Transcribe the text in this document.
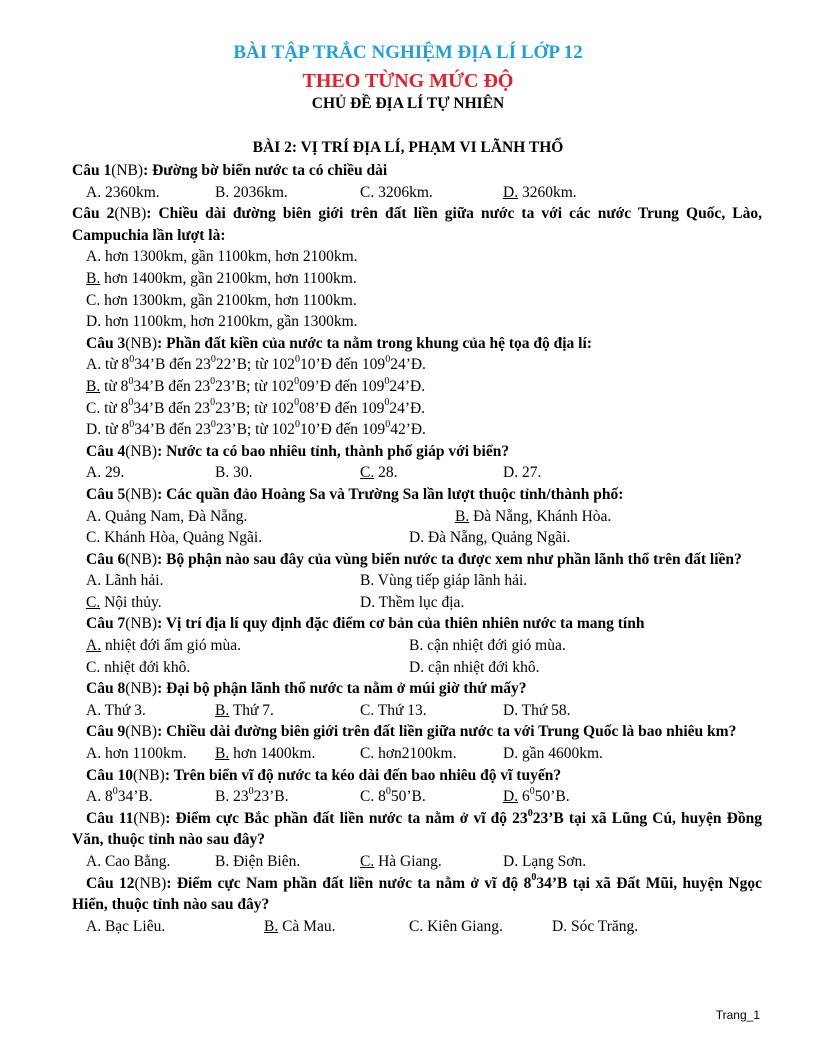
BÀI TẬP TRẮC NGHIỆM ĐỊA LÍ LỚP 12
THEO TỪNG MỨC ĐỘ
CHỦ ĐỀ ĐỊA LÍ TỰ NHIÊN
BÀI 2: VỊ TRÍ ĐỊA LÍ, PHẠM VI LÃNH THỔ
Câu 1(NB): Đường bờ biển nước ta có chiều dài
A. 2360km.	B. 2036km.	C. 3206km.	D. 3260km.
Câu 2(NB): Chiều dài đường biên giới trên đất liền giữa nước ta với các nước Trung Quốc, Lào, Campuchia lần lượt là:
A. hơn 1300km, gần 1100km, hơn 2100km.
B. hơn 1400km, gần 2100km, hơn 1100km.
C. hơn 1300km, gần 2100km, hơn 1100km.
D. hơn 1100km, hơn 2100km, gần 1300km.
Câu 3(NB): Phần đất kiền của nước ta nằm trong khung của hệ tọa độ địa lí:
A. từ $8^034’B$ đến $23^022’B$; từ $102^010’Đ$ đến $109^024’Đ$.
B. từ $8^034’B$ đến $23^023’B$; từ $102^009’Đ$ đến $109^024’Đ$.
C. từ $8^034’B$ đến $23^023’B$; từ $102^008’Đ$ đến $109^024’Đ$.
D. từ $8^034’B$ đến $23^023’B$; từ $102^010’Đ$ đến $109^042’Đ$.
Câu 4(NB): Nước ta có bao nhiêu tỉnh, thành phố giáp với biển?
A. 29.	B. 30.	C. 28.	D. 27.
Câu 5(NB): Các quần đảo Hoàng Sa và Trường Sa lần lượt thuộc tỉnh/thành phố:
A. Quảng Nam, Đà Nẵng.	B. Đà Nẵng, Khánh Hòa.
C. Khánh Hòa, Quảng Ngãi.	D. Đà Nẵng, Quảng Ngãi.
Câu 6(NB): Bộ phận nào sau đây của vùng biển nước ta được xem như phần lãnh thổ trên đất liền?
A. Lãnh hải.	B. Vùng tiếp giáp lãnh hải.
C. Nội thủy.	D. Thềm lục địa.
Câu 7(NB): Vị trí địa lí quy định đặc điểm cơ bản của thiên nhiên nước ta mang tính
A. nhiệt đới ẩm gió mùa.	B. cận nhiệt đới gió mùa.
C. nhiệt đới khô.	D. cận nhiệt đới khô.
Câu 8(NB): Đại bộ phận lãnh thổ nước ta nằm ở múi giờ thứ mấy?
A. Thứ 3.	B. Thứ 7.	C. Thứ 13.	D. Thứ 58.
Câu 9(NB): Chiều dài đường biên giới trên đất liền giữa nước ta với Trung Quốc là bao nhiêu km?
A. hơn 1100km. B. hơn 1400km.	C. hơn2100km.	D. gần 4600km.
Câu 10(NB): Trên biển vĩ độ nước ta kéo dài đến bao nhiêu độ vĩ tuyến?
A. $8^034’B$.	B. $23^023’B$.	C. $8^050’B$.	D. $6^050’B$.
Câu 11(NB): Điểm cực Bắc phần đất liền nước ta nằm ở vĩ độ $23^023’B$ tại xã Lũng Cú, huyện Đồng Văn, thuộc tỉnh nào sau đây?
A. Cao Bằng.	B. Điện Biên.	C. Hà Giang.	D. Lạng Sơn.
Câu 12(NB): Điểm cực Nam phần đất liền nước ta nằm ở vĩ độ $8^034’B$ tại xã Đất Mũi, huyện Ngọc Hiển, thuộc tỉnh nào sau đây?
A. Bạc Liêu.	B. Cà Mau.	C. Kiên Giang.	D. Sóc Trăng.
Trang_1
